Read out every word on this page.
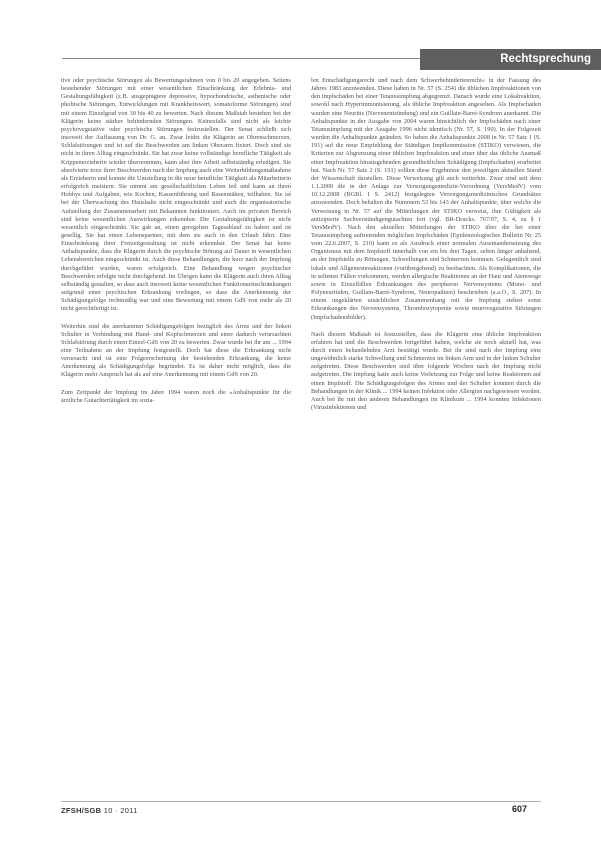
Rechtsprechung

tive oder psychische Störungen als Bewertungsrahmen von 0 bis 20 angegeben. Seitens bestehender Störungen mit einer wesentlichen Einschränkung der Erlebnis- und Gestaltungsfähigkeit (z.B. ausgeprägtere depressive, hypochondrische, asthenische oder phobische Störungen, Entwicklungen mit Krankheitswert, somatoforme Störungen) sind mit einem Einzelgrad von 30 bis 40 zu bewerten. Nach diesem Maßstab bestehen bei der Klägerin keine stärker behindernden Störungen. Keinesfalls sind nicht als leichte psychovegetative oder psychische Störungen festzustellen. Der Senat schließt sich insoweit der Auffassung von Dr. G. an. Zwar leidet die Klägerin an Ohrenschmerzen, Schlafstörungen und ist auf die Beschwerden am linken Oberarm fixiert. Doch sind sie nicht in ihren Alltag eingeschränkt. Sie hat zwar keine vollständige berufliche Tätigkeit als Krippenerzieherin wieder übernommen, kann aber ihre Arbeit selbstständig erledigen. Sie absolvierte trotz ihrer Beschwerden nach der Impfung auch eine Weiterbildungsmaßnahme als Erzieherin und konnte die Umstellung in die neue berufliche Tätigkeit als Mitarbeiterin erfolgreich meistern. Sie nimmt am gesellschaftlichen Leben teil und kann an ihren Hobbys und Aufgaben, wie Kochen, Kassenführung und Rasenmähen, teilhaben. Sie ist bei der Überwachung des Haushalts nicht eingeschränkt und auch die organisatorische Aufstellung der Zusammenarbeit mit Bekannten funktioniert. Auch im privaten Bereich sind keine wesentlichen Auswirkungen erkennbar. Die Gestaltungsfähigkeit ist nicht wesentlich eingeschränkt. Sie gab an, einen geregelten Tagesablauf zu haben und ist gesellig. Sie hat einen Lebenspartner, mit dem sie auch in den Urlaub fährt. Eine Einschränkung ihrer Freizeitgestaltung ist nicht erkennbar. Der Senat hat keine Anhaltspunkte, dass die Klägerin durch die psychische Störung auf Dauer in wesentlichen Lebensbereichen eingeschränkt ist. Auch diese Behandlungen, die kurz nach der Impfung durchgeführt wurden, waren erfolgreich. Eine Behandlung wegen psychischer Beschwerden erfolgte nicht durchgehend. Im Übrigen kann die Klägerin auch ihren Alltag selbständig gestalten, so dass auch insoweit keine wesentlichen Funktionseinschränkungen aufgrund einer psychischen Erkrankung vorliegen, so dass die Anerkennung der Schädigungsfolge rechtmäßig war und eine Bewertung mit einem GdS von mehr als 20 nicht gerechtfertigt ist.

Weiterhin sind die anerkannten Schädigungsfolgen bezüglich des Arms und der linken Schulter in Verbindung mit Hand- und Kopfschmerzen und einer dadurch verursachten Schlafstörung durch einen Einzel-GdS von 20 zu bewerten. Zwar wurde bei ihr am ... 1994 eine Teilnahme an der Impfung festgestellt. Doch hat diese die Erkrankung nicht verursacht und ist eine Folgeerscheinung der bestehenden Erkrankung, die keine Anerkennung als Schädigungsfolge begründet. Es ist daher nicht möglich, dass die Klägerin mehr Anspruch hat als auf eine Anerkennung mit einem GdS von 20.

Zum Zeitpunkt der Impfung im Jahre 1994 waren noch die »Anhaltspunkte für die ärztliche Gutachtertätigkeit im sozia-

len Entschädigungsrecht und nach dem Schwerbehindertenrecht« in der Fassung des Jahres 1983 anzuwenden. Diese haben in Nr. 57 (S. 254) die üblichen Impfreaktionen von den impfschäden bei einer Tetanusimpfung abgegrenzt. Danach wurde eine Lokalreaktion, sowohl nach Hyperimmunisierung, als übliche Impfreaktion angesehen. Als Impfschäden wurden eine Neuritis (Nervenentzündung) und ein Guillain-Barré-Syndrom anerkannt. Die Anhaltspunkte in der Ausgabe von 2004 waren hinsichtlich der Impfschäden nach einer Tetanusimpfung mit der Ausgabe 1996 nicht identisch (Nr. 57, S. 190). In der Folgezeit wurden die Anhaltspunkte geändert. So haben die Anhaltspunkte 2008 in Nr. 57 Satz 1 (S. 191) auf die neue Empfehlung der Ständigen Impfkommission (STIKO) verwiesen, die Kriterien zur Abgrenzung einer üblichen Impfreaktion und einer über das übliche Ausmaß einer Impfreaktion hinausgehenden gesundheitlichen Schädigung (Impfschaden) erarbeitet hat. Nach Nr. 57 Satz 2 (S. 191) sollten diese Ergebnisse den jeweiligen aktuellen Stand der Wissenschaft darstellen. Diese Verweisung gilt auch weiterhin. Zwar sind seit dem 1.1.2009 die in der Anlage zur Versorgungsmedizin-Verordnung (VersMedV) vom 10.12.2008 (BGBl. I S. 2412) festgelegten Versorgungsmedizinischen Grundsätze anzuwenden. Doch behalten die Nummern 53 bis 143 der Anhaltspunkte, über welche die Verweisung in Nr. 57 auf die Mitteilungen der STIKO verweist, ihre Gültigkeit als antizipierte Sachverständigengutachten fort (vgl. BR-Drucks. 767/07, S. 4, zu § 1 VersMedV). Nach den aktuellen Mitteilungen der STIKO über die bei einer Tetanusimpfung auftretenden möglichen Impfschäden (Epidemiologisches Bulletin Nr. 25 vom 22.6.2007, S. 210) kann es als Ausdruck einer normalen Auseinandersetzung des Organismus mit dem Impfstoff innerhalb von ein bis drei Tagen, selten länger anhaltend, an der Impfstelle zu Rötungen, Schwellungen und Schmerzen kommen. Gelegentlich sind lokale und Allgemeinreaktionen (vorübergehend) zu beobachten. Als Komplikationen, die in seltenen Fällen vorkommen, werden allergische Reaktionen an der Haut und Atemwege sowie in Einzelfällen Erkrankungen des peripheren Nervensystems (Mono- und Polyneuritiden, Guillain-Barré-Syndrom, Neuropathien) beschrieben (a.a.O., S. 207). In einem ungeklärten ursächlichen Zusammenhang mit der Impfung stehen sonst Erkrankungen des Nervensystems, Thrombozytopenie sowie neurovegetative Störungen (Impfschadensbilder).

Nach diesem Maßstab ist festzustellen, dass die Klägerin eine übliche Impfreaktion erfahren hat und die Beschwerden fortgeführt haben, welche sie noch aktuell hat, was durch einen behandelnden Arzt bestätigt wurde. Bei ihr sind nach der Impfung eine ungewöhnlich starke Schwellung und Schmerzen im linken Arm und in der linken Schulter aufgetreten. Diese Beschwerden sind über folgende Wochen nach der Impfung nicht aufgetreten. Die Impfung hatte auch keine Verletzung zur Folge und keine Reaktionen auf einen Impfstoff. Die Schädigungsfolgen des Armes und der Schulter konnten durch die Behandlungen in der Klinik ... 1994 keinen Infektion oder Allergien nachgewiesen werden. Auch bei ihr mit den anderen Behandlungen im Klinikum ... 1994 konnten Infektionen (Virusinfektionen und

ZFSH/SGB 10 · 2011	607
